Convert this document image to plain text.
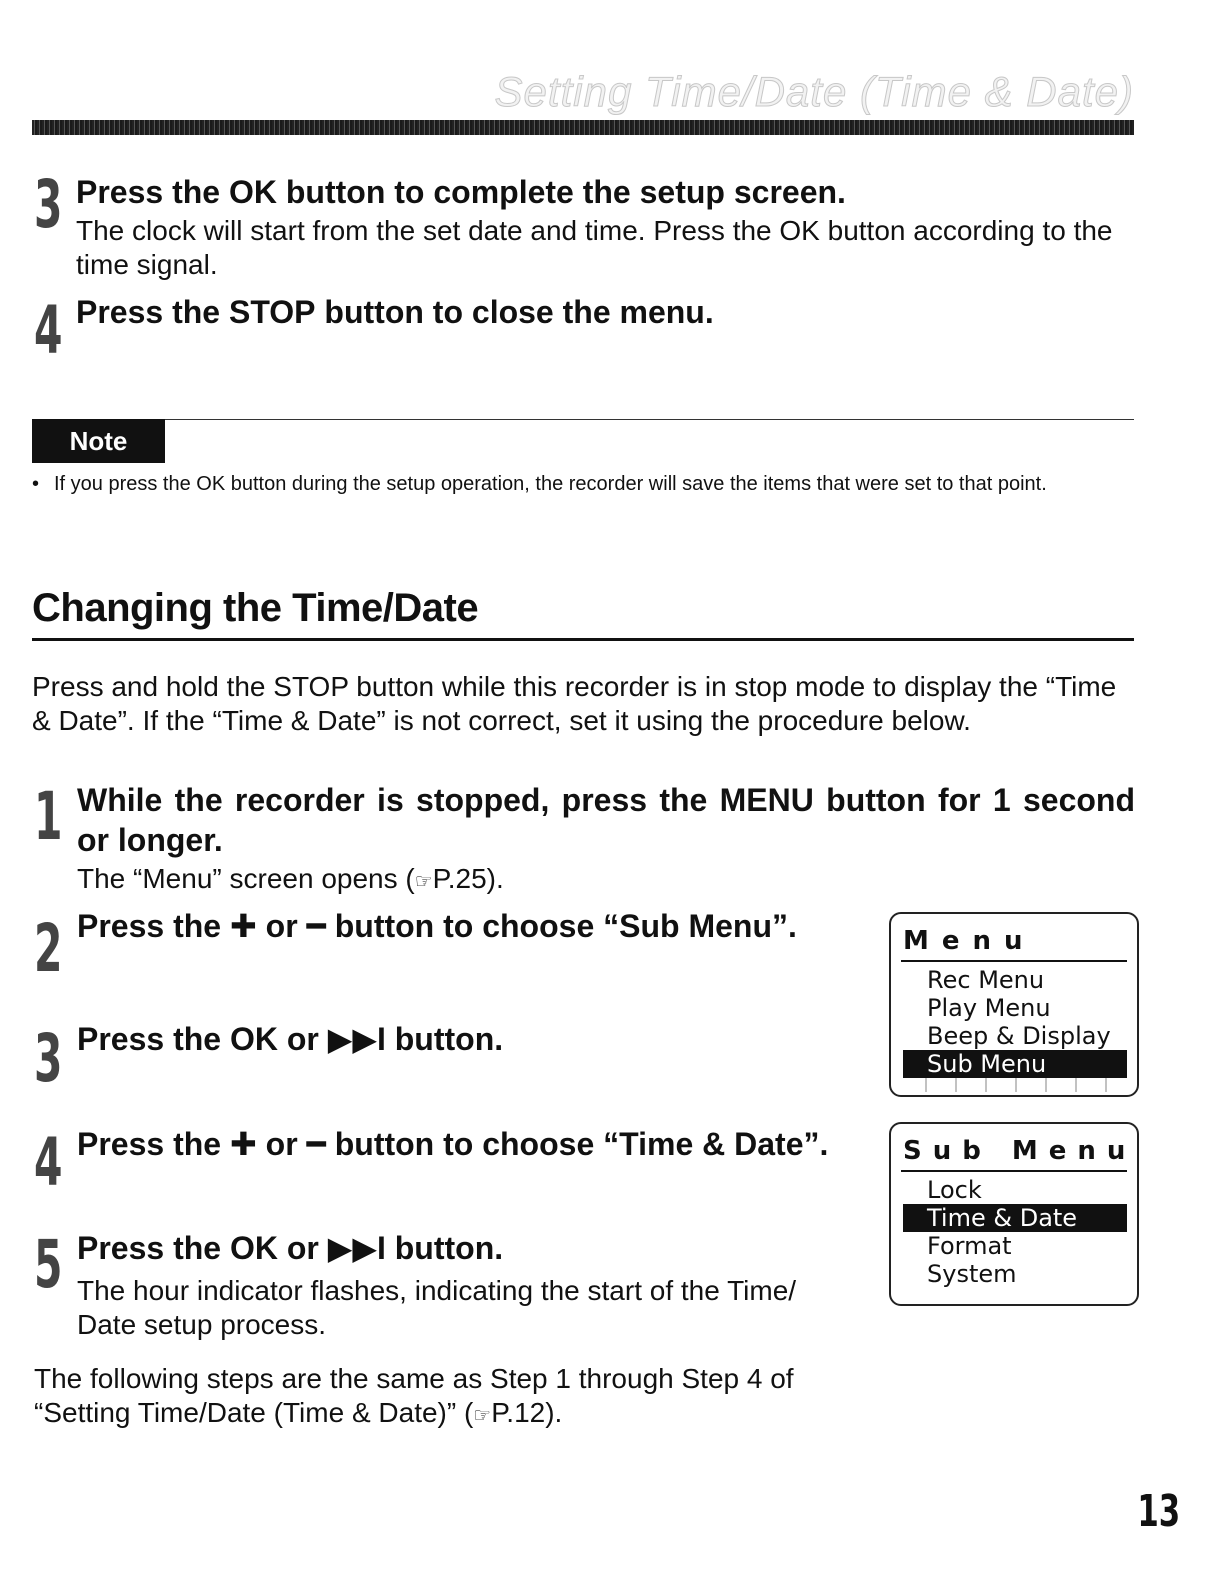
Setting Time/Date (Time & Date)
3 Press the OK button to complete the setup screen.
The clock will start from the set date and time. Press the OK button according to the time signal.
4 Press the STOP button to close the menu.
Note
• If you press the OK button during the setup operation, the recorder will save the items that were set to that point.
Changing the Time/Date
Press and hold the STOP button while this recorder is in stop mode to display the “Time & Date”. If the “Time & Date” is not correct, set it using the procedure below.
1 While the recorder is stopped, press the MENU button for 1 second or longer.
The “Menu” screen opens (☞P.25).
2 Press the ✚ or ━ button to choose “Sub Menu”.
3 Press the OK or ▶▶I button.
4 Press the ✚ or ━ button to choose “Time & Date”.
5 Press the OK or ▶▶I button.
The hour indicator flashes, indicating the start of the Time/ Date setup process.
The following steps are the same as Step 1 through Step 4 of “Setting Time/Date (Time & Date)” (☞P.12).
Menu
Rec Menu
Play Menu
Beep & Display
Sub Menu
Sub Menu
Lock
Time & Date
Format
System
13
